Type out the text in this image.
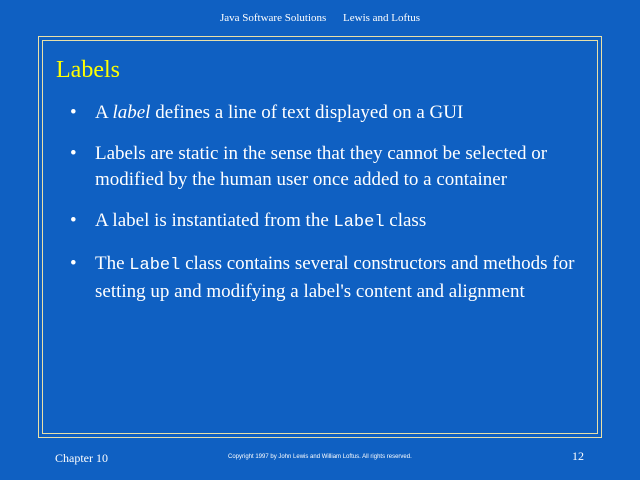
Java Software Solutions Lewis and Loftus
Labels
• A label defines a line of text displayed on a GUI
• Labels are static in the sense that they cannot be selected or modified by the human user once added to a container
• A label is instantiated from the Label class
• The Label class contains several constructors and methods for setting up and modifying a label's content and alignment
Chapter 10	Copyright 1997 by John Lewis and William Loftus. All rights reserved.	12
